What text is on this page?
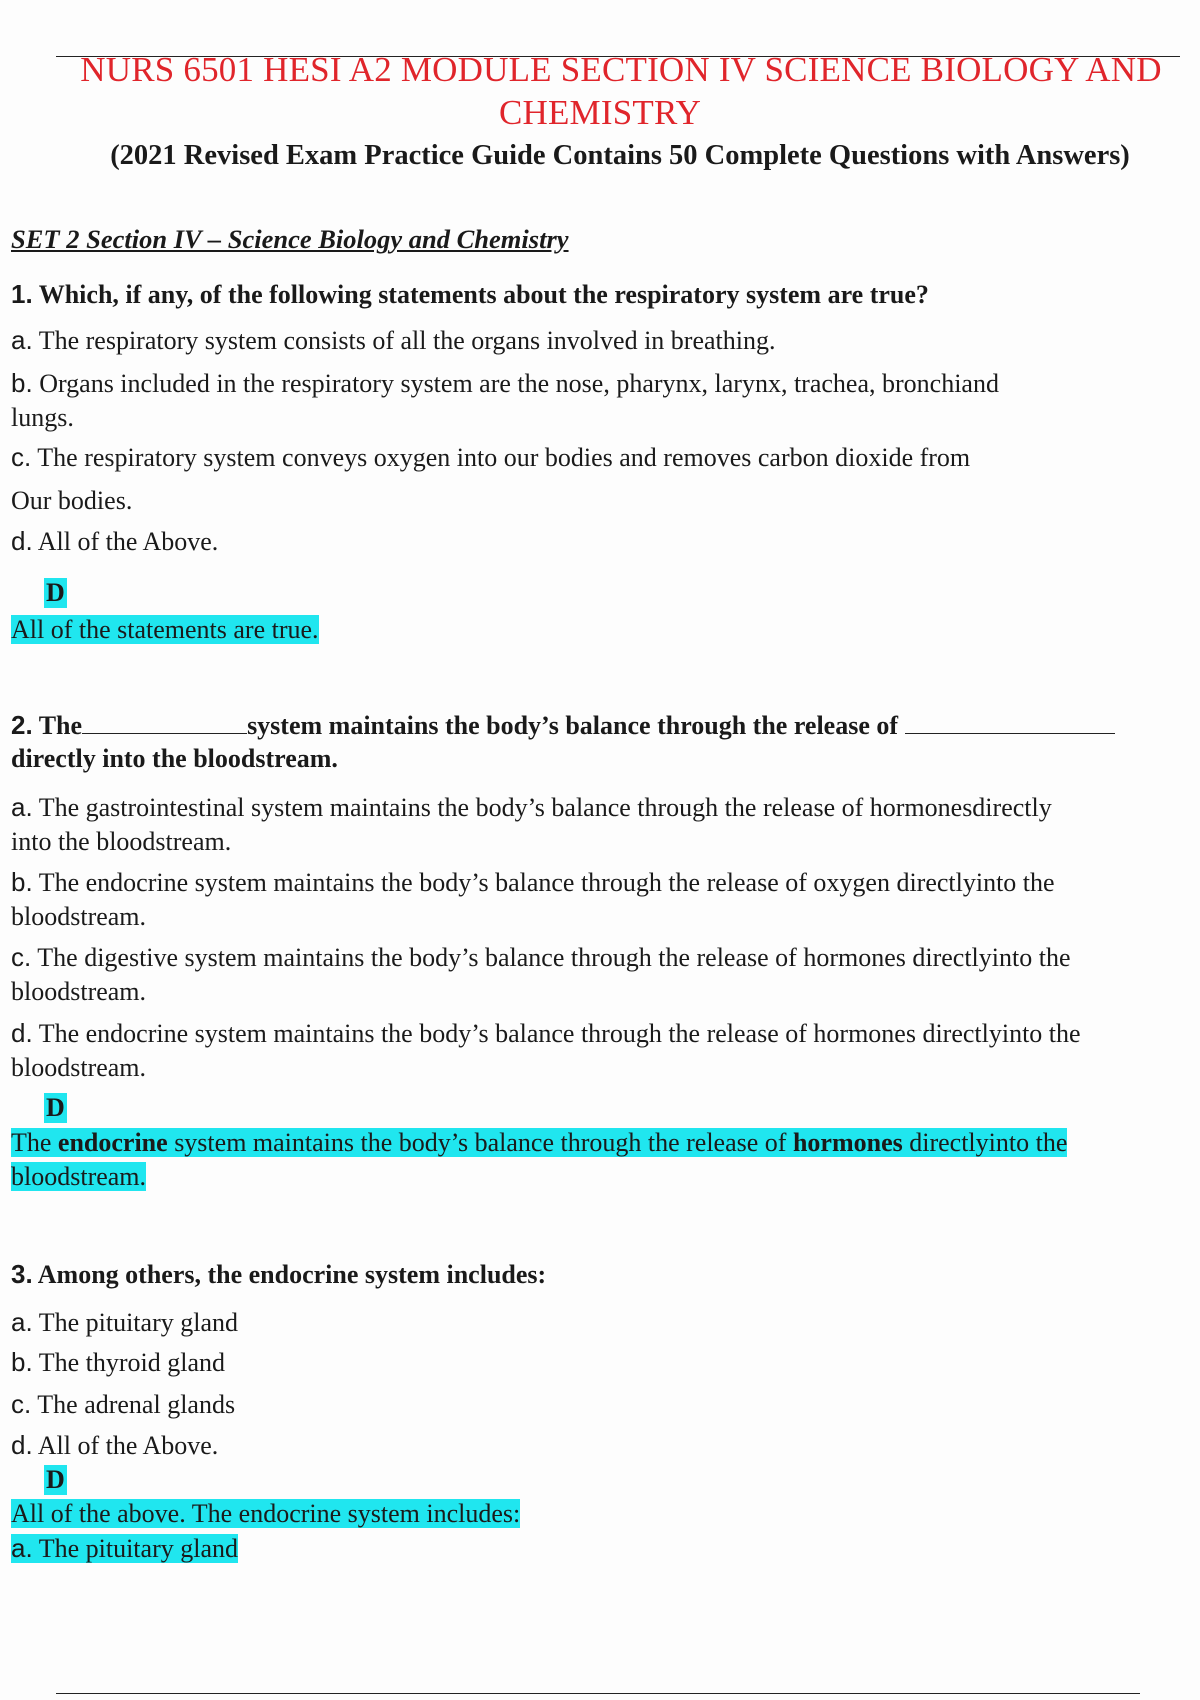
NURS 6501 HESI A2 MODULE SECTION IV SCIENCE BIOLOGY AND
CHEMISTRY
(2021 Revised Exam Practice Guide Contains 50 Complete Questions with Answers)
SET 2 Section IV – Science Biology and Chemistry
1. Which, if any, of the following statements about the respiratory system are true?
a. The respiratory system consists of all the organs involved in breathing.
b. Organs included in the respiratory system are the nose, pharynx, larynx, trachea, bronchiand
lungs.
c. The respiratory system conveys oxygen into our bodies and removes carbon dioxide from
Our bodies.
d. All of the Above.
D
All of the statements are true.
2. The	system maintains the body’s balance through the release of
directly into the bloodstream.
a. The gastrointestinal system maintains the body’s balance through the release of hormonesdirectly
into the bloodstream.
b. The endocrine system maintains the body’s balance through the release of oxygen directlyinto the
bloodstream.
c. The digestive system maintains the body’s balance through the release of hormones directlyinto the
bloodstream.
d. The endocrine system maintains the body’s balance through the release of hormones directlyinto the
bloodstream.
D
The endocrine system maintains the body’s balance through the release of hormones directlyinto the
bloodstream.
3. Among others, the endocrine system includes:
a. The pituitary gland
b. The thyroid gland
c. The adrenal glands
d. All of the Above.
D
All of the above. The endocrine system includes:
a. The pituitary gland
